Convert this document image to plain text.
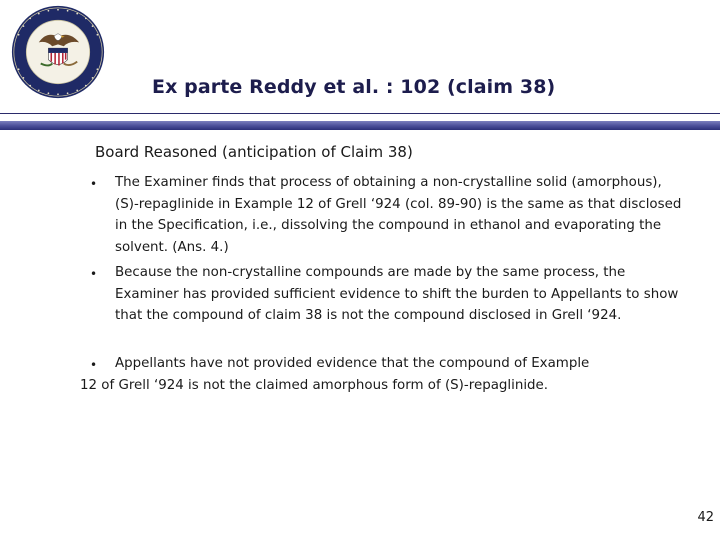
Ex parte Reddy et al. : 102 (claim 38)
Board Reasoned (anticipation of Claim 38)
• The Examiner finds that process of obtaining a non-crystalline solid (amorphous), (S)-repaglinide in Example 12 of Grell ‘924 (col. 89-90) is the same as that disclosed in the Specification, i.e., dissolving the compound in ethanol and evaporating the solvent. (Ans. 4.)
• Because the non-crystalline compounds are made by the same process, the Examiner has provided sufficient evidence to shift the burden to Appellants to show that the compound of claim 38 is not the compound disclosed in Grell ‘924.
• Appellants have not provided evidence that the compound of Example
12 of Grell ‘924 is not the claimed amorphous form of (S)-repaglinide.
42
